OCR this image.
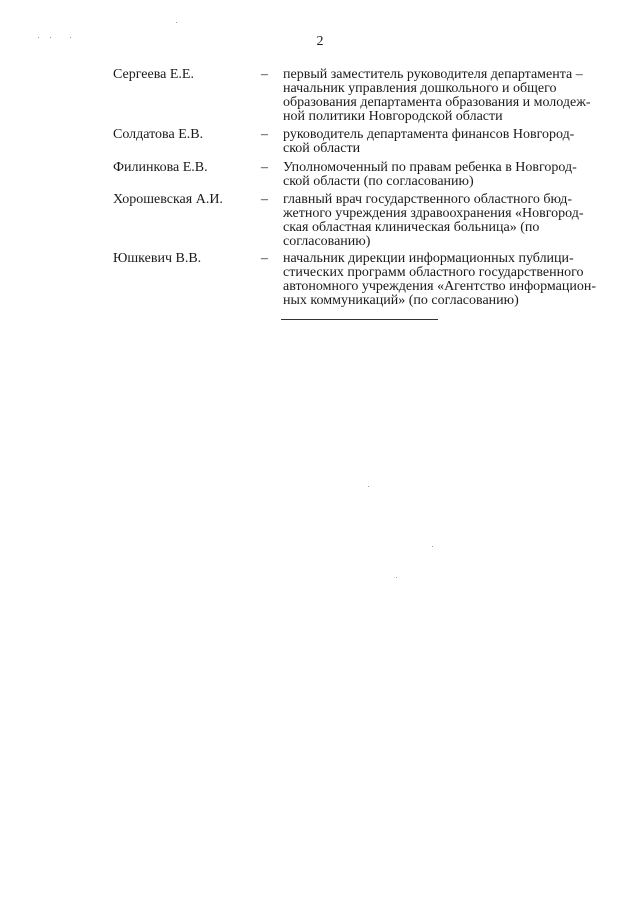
2
Сергеева Е.Е.	–	первый заместитель руководителя департамента –
начальник управления дошкольного и общего
образования департамента образования и молодеж-
ной политики Новгородской области
Солдатова Е.В.	–	руководитель департамента финансов Новгород-
ской области
Филинкова Е.В.	–	Уполномоченный по правам ребенка в Новгород-
ской области (по согласованию)
Хорошевская А.И.	–	главный врач государственного областного бюд-
жетного учреждения здравоохранения «Новгород-
ская областная клиническая больница» (по
согласованию)
Юшкевич В.В.	–	начальник дирекции информационных публици-
стических программ областного государственного
автономного учреждения «Агентство информацион-
ных коммуникаций» (по согласованию)
